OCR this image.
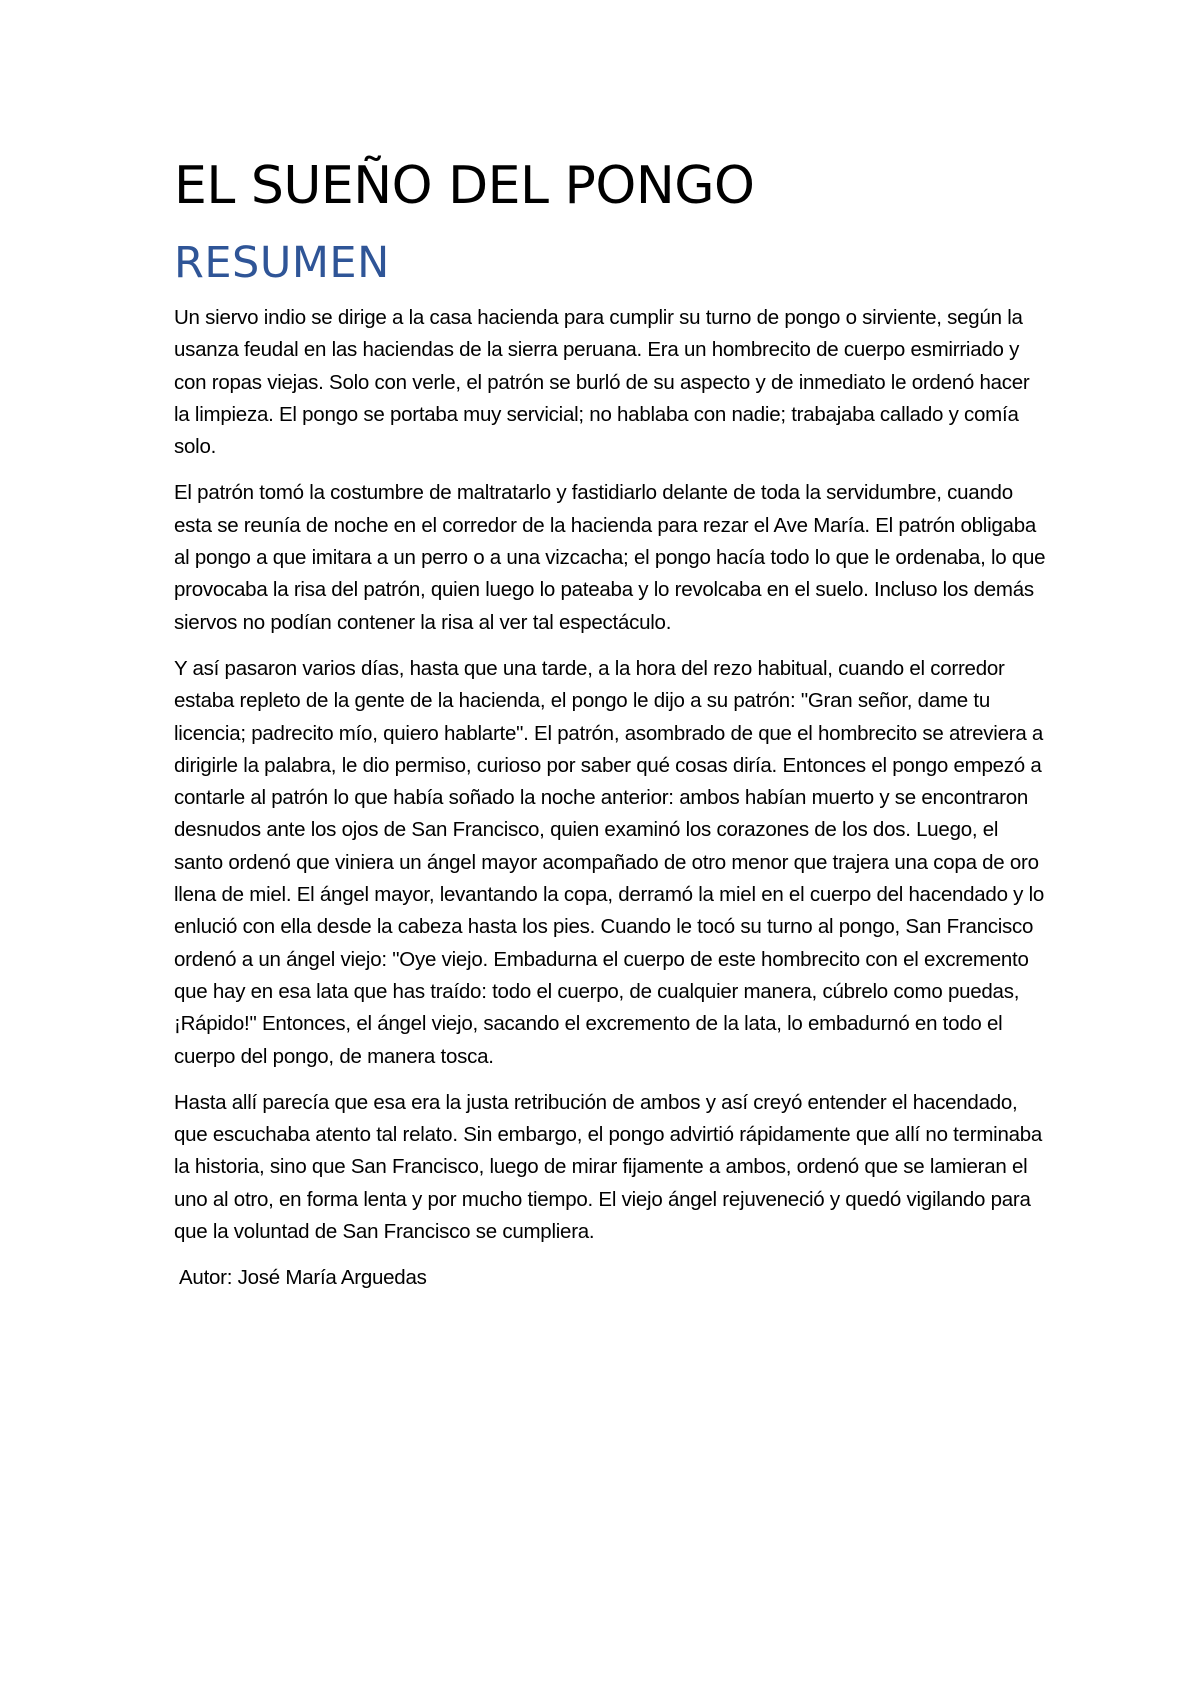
EL SUEÑO DEL PONGO
RESUMEN

Un siervo indio se dirige a la casa hacienda para cumplir su turno de pongo o sirviente, según la usanza feudal en las haciendas de la sierra peruana. Era un hombrecito de cuerpo esmirriado y con ropas viejas. Solo con verle, el patrón se burló de su aspecto y de inmediato le ordenó hacer la limpieza. El pongo se portaba muy servicial; no hablaba con nadie; trabajaba callado y comía solo.

El patrón tomó la costumbre de maltratarlo y fastidiarlo delante de toda la servidumbre, cuando esta se reunía de noche en el corredor de la hacienda para rezar el Ave María. El patrón obligaba al pongo a que imitara a un perro o a una vizcacha; el pongo hacía todo lo que le ordenaba, lo que provocaba la risa del patrón, quien luego lo pateaba y lo revolcaba en el suelo. Incluso los demás siervos no podían contener la risa al ver tal espectáculo.

Y así pasaron varios días, hasta que una tarde, a la hora del rezo habitual, cuando el corredor estaba repleto de la gente de la hacienda, el pongo le dijo a su patrón: "Gran señor, dame tu licencia; padrecito mío, quiero hablarte". El patrón, asombrado de que el hombrecito se atreviera a dirigirle la palabra, le dio permiso, curioso por saber qué cosas diría. Entonces el pongo empezó a contarle al patrón lo que había soñado la noche anterior: ambos habían muerto y se encontraron desnudos ante los ojos de San Francisco, quien examinó los corazones de los dos. Luego, el santo ordenó que viniera un ángel mayor acompañado de otro menor que trajera una copa de oro llena de miel. El ángel mayor, levantando la copa, derramó la miel en el cuerpo del hacendado y lo enlució con ella desde la cabeza hasta los pies. Cuando le tocó su turno al pongo, San Francisco ordenó a un ángel viejo: "Oye viejo. Embadurna el cuerpo de este hombrecito con el excremento que hay en esa lata que has traído: todo el cuerpo, de cualquier manera, cúbrelo como puedas, ¡Rápido!" Entonces, el ángel viejo, sacando el excremento de la lata, lo embadurnó en todo el cuerpo del pongo, de manera tosca.

Hasta allí parecía que esa era la justa retribución de ambos y así creyó entender el hacendado, que escuchaba atento tal relato. Sin embargo, el pongo advirtió rápidamente que allí no terminaba la historia, sino que San Francisco, luego de mirar fijamente a ambos, ordenó que se lamieran el uno al otro, en forma lenta y por mucho tiempo. El viejo ángel rejuveneció y quedó vigilando para que la voluntad de San Francisco se cumpliera.

Autor: José María Arguedas
